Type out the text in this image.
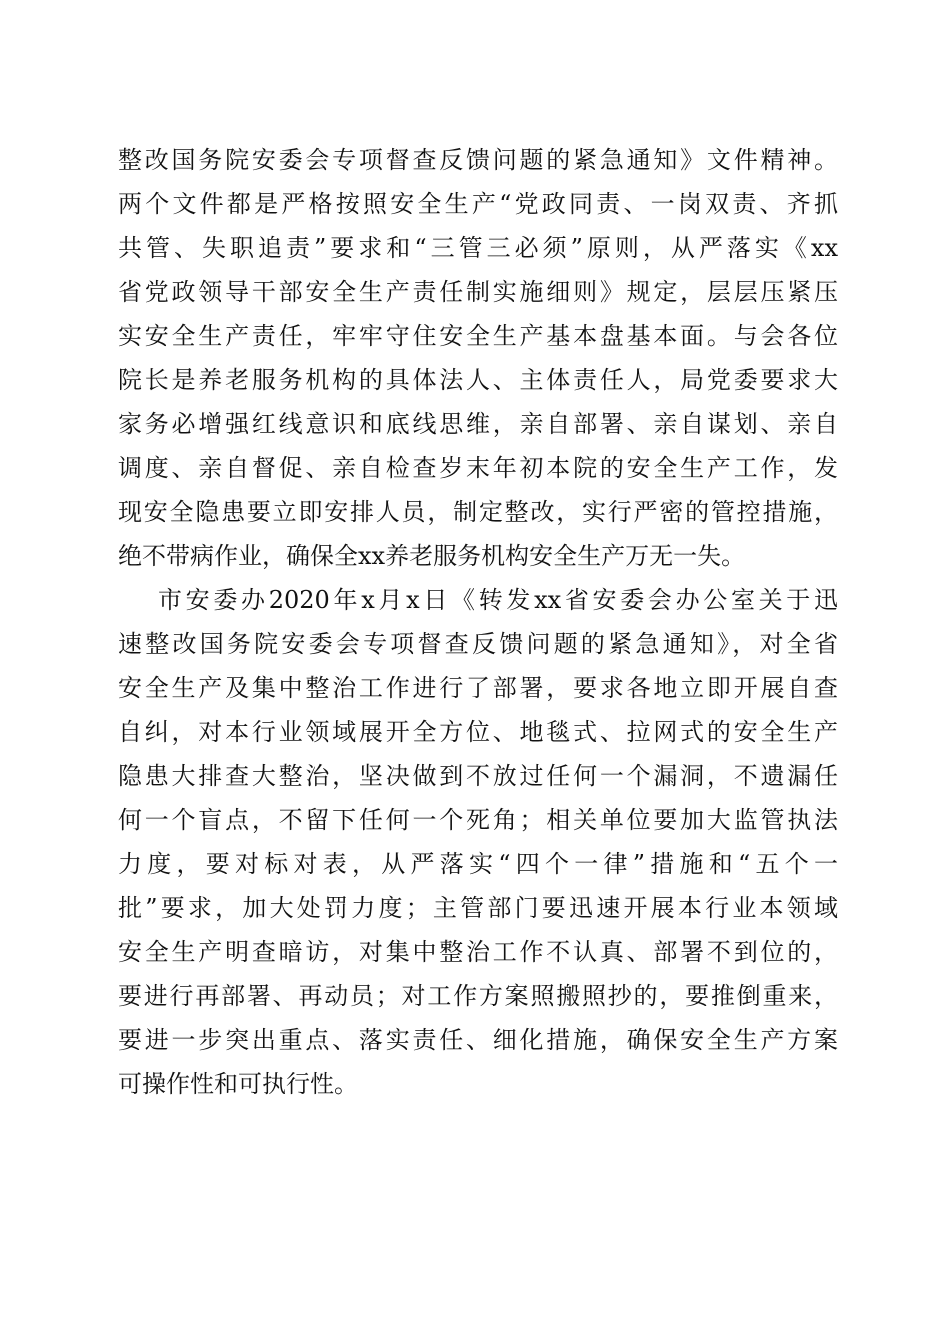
整改国务院安委会专项督查反馈问题的紧急通知》文件精神。
两个文件都是严格按照安全生产“党政同责、一岗双责、齐抓
共管、失职追责”要求和“三管三必须”原则，从严落实《xx
省党政领导干部安全生产责任制实施细则》规定，层层压紧压
实安全生产责任，牢牢守住安全生产基本盘基本面。与会各位
院长是养老服务机构的具体法人、主体责任人，局党委要求大
家务必增强红线意识和底线思维，亲自部署、亲自谋划、亲自
调度、亲自督促、亲自检查岁末年初本院的安全生产工作，发
现安全隐患要立即安排人员，制定整改，实行严密的管控措施，
绝不带病作业，确保全xx养老服务机构安全生产万无一失。
市安委办2020年x月x日《转发xx省安委会办公室关于迅
速整改国务院安委会专项督查反馈问题的紧急通知》，对全省
安全生产及集中整治工作进行了部署，要求各地立即开展自查
自纠，对本行业领域展开全方位、地毯式、拉网式的安全生产
隐患大排查大整治，坚决做到不放过任何一个漏洞，不遗漏任
何一个盲点，不留下任何一个死角；相关单位要加大监管执法
力度，要对标对表，从严落实“四个一律”措施和“五个一
批”要求，加大处罚力度；主管部门要迅速开展本行业本领域
安全生产明查暗访，对集中整治工作不认真、部署不到位的，
要进行再部署、再动员；对工作方案照搬照抄的，要推倒重来，
要进一步突出重点、落实责任、细化措施，确保安全生产方案
可操作性和可执行性。
